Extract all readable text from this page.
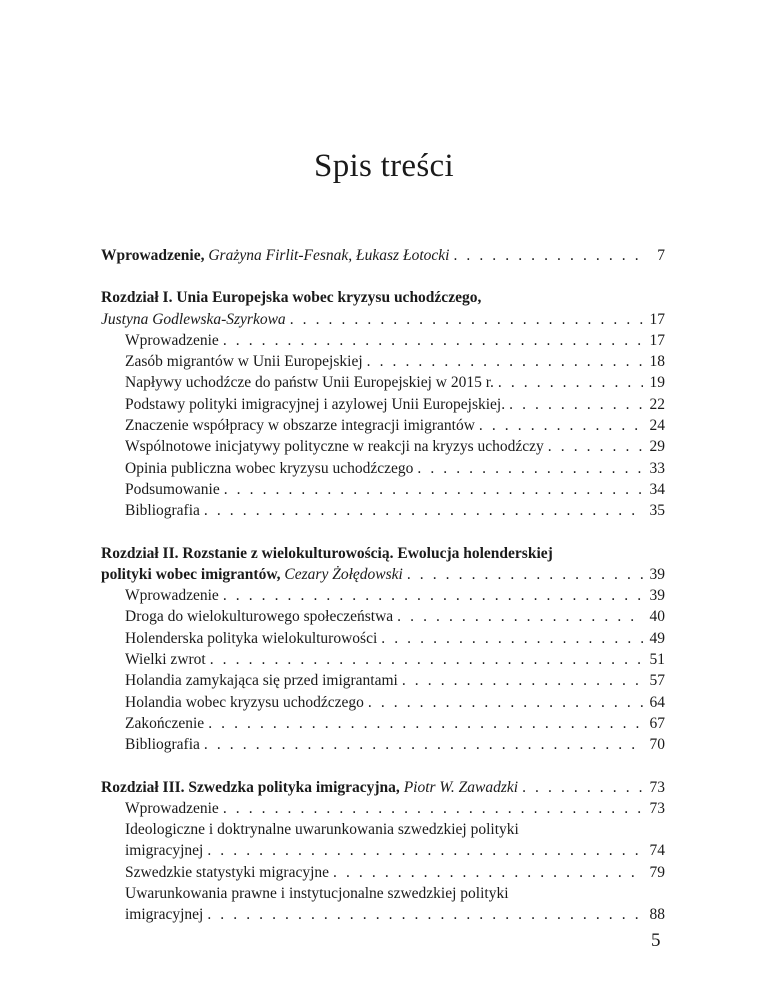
Spis treści
Wprowadzenie, Grażyna Firlit-Fesnak, Łukasz Łotocki . . .	7
Rozdział I. Unia Europejska wobec kryzysu uchodźczego,
Justyna Godlewska-Szyrkowa . . .	17
Wprowadzenie . . .	17
Zasób migrantów w Unii Europejskiej . . .	18
Napływy uchodźcze do państw Unii Europejskiej w 2015 r. . . .	19
Podstawy polityki imigracyjnej i azylowej Unii Europejskiej. . . .	22
Znaczenie współpracy w obszarze integracji imigrantów . . .	24
Wspólnotowe inicjatywy polityczne w reakcji na kryzys uchodźczy . . .	29
Opinia publiczna wobec kryzysu uchodźczego . . .	33
Podsumowanie . . .	34
Bibliografia . . .	35
Rozdział II. Rozstanie z wielokulturowością. Ewolucja holenderskiej
polityki wobec imigrantów, Cezary Żołędowski . . .	39
Wprowadzenie . . .	39
Droga do wielokulturowego społeczeństwa . . .	40
Holenderska polityka wielokulturowości . . .	49
Wielki zwrot . . .	51
Holandia zamykająca się przed imigrantami . . .	57
Holandia wobec kryzysu uchodźczego . . .	64
Zakończenie . . .	67
Bibliografia . . .	70
Rozdział III. Szwedzka polityka imigracyjna, Piotr W. Zawadzki . . .	73
Wprowadzenie . . .	73
Ideologiczne i doktrynalne uwarunkowania szwedzkiej polityki
imigracyjnej . . .	74
Szwedzkie statystyki migracyjne . . .	79
Uwarunkowania prawne i instytucjonalne szwedzkiej polityki
imigracyjnej . . .	88
5
